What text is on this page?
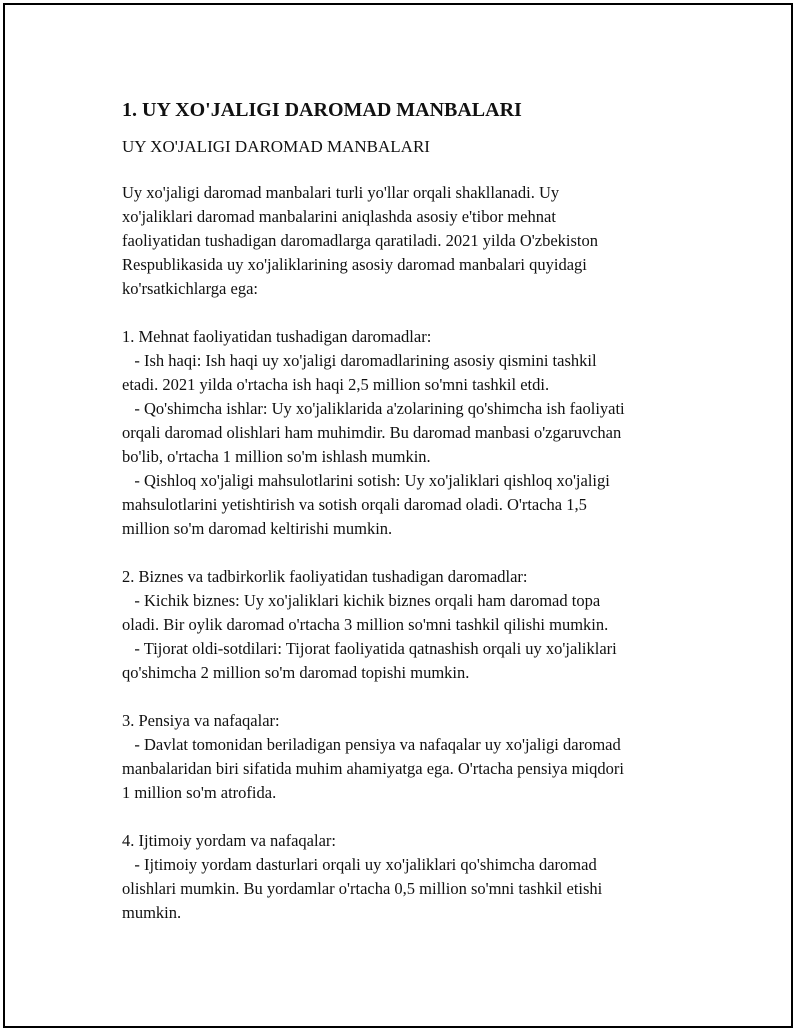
1. UY XO'JALIGI DAROMAD MANBALARI
UY XO'JALIGI DAROMAD MANBALARI
Uy xo'jaligi daromad manbalari turli yo'llar orqali shakllanadi. Uy
xo'jaliklari daromad manbalarini aniqlashda asosiy e'tibor mehnat
faoliyatidan tushadigan daromadlarga qaratiladi. 2021 yilda O'zbekiston
Respublikasida uy xo'jaliklarining asosiy daromad manbalari quyidagi
ko'rsatkichlarga ega:

1. Mehnat faoliyatidan tushadigan daromadlar:
- Ish haqi: Ish haqi uy xo'jaligi daromadlarining asosiy qismini tashkil
etadi. 2021 yilda o'rtacha ish haqi 2,5 million so'mni tashkil etdi.
- Qo'shimcha ishlar: Uy xo'jaliklarida a'zolarining qo'shimcha ish faoliyati
orqali daromad olishlari ham muhimdir. Bu daromad manbasi o'zgaruvchan
bo'lib, o'rtacha 1 million so'm ishlash mumkin.
- Qishloq xo'jaligi mahsulotlarini sotish: Uy xo'jaliklari qishloq xo'jaligi
mahsulotlarini yetishtirish va sotish orqali daromad oladi. O'rtacha 1,5
million so'm daromad keltirishi mumkin.

2. Biznes va tadbirkorlik faoliyatidan tushadigan daromadlar:
- Kichik biznes: Uy xo'jaliklari kichik biznes orqali ham daromad topa
oladi. Bir oylik daromad o'rtacha 3 million so'mni tashkil qilishi mumkin.
- Tijorat oldi-sotdilari: Tijorat faoliyatida qatnashish orqali uy xo'jaliklari
qo'shimcha 2 million so'm daromad topishi mumkin.

3. Pensiya va nafaqalar:
- Davlat tomonidan beriladigan pensiya va nafaqalar uy xo'jaligi daromad
manbalaridan biri sifatida muhim ahamiyatga ega. O'rtacha pensiya miqdori
1 million so'm atrofida.

4. Ijtimoiy yordam va nafaqalar:
- Ijtimoiy yordam dasturlari orqali uy xo'jaliklari qo'shimcha daromad
olishlari mumkin. Bu yordamlar o'rtacha 0,5 million so'mni tashkil etishi
mumkin.
